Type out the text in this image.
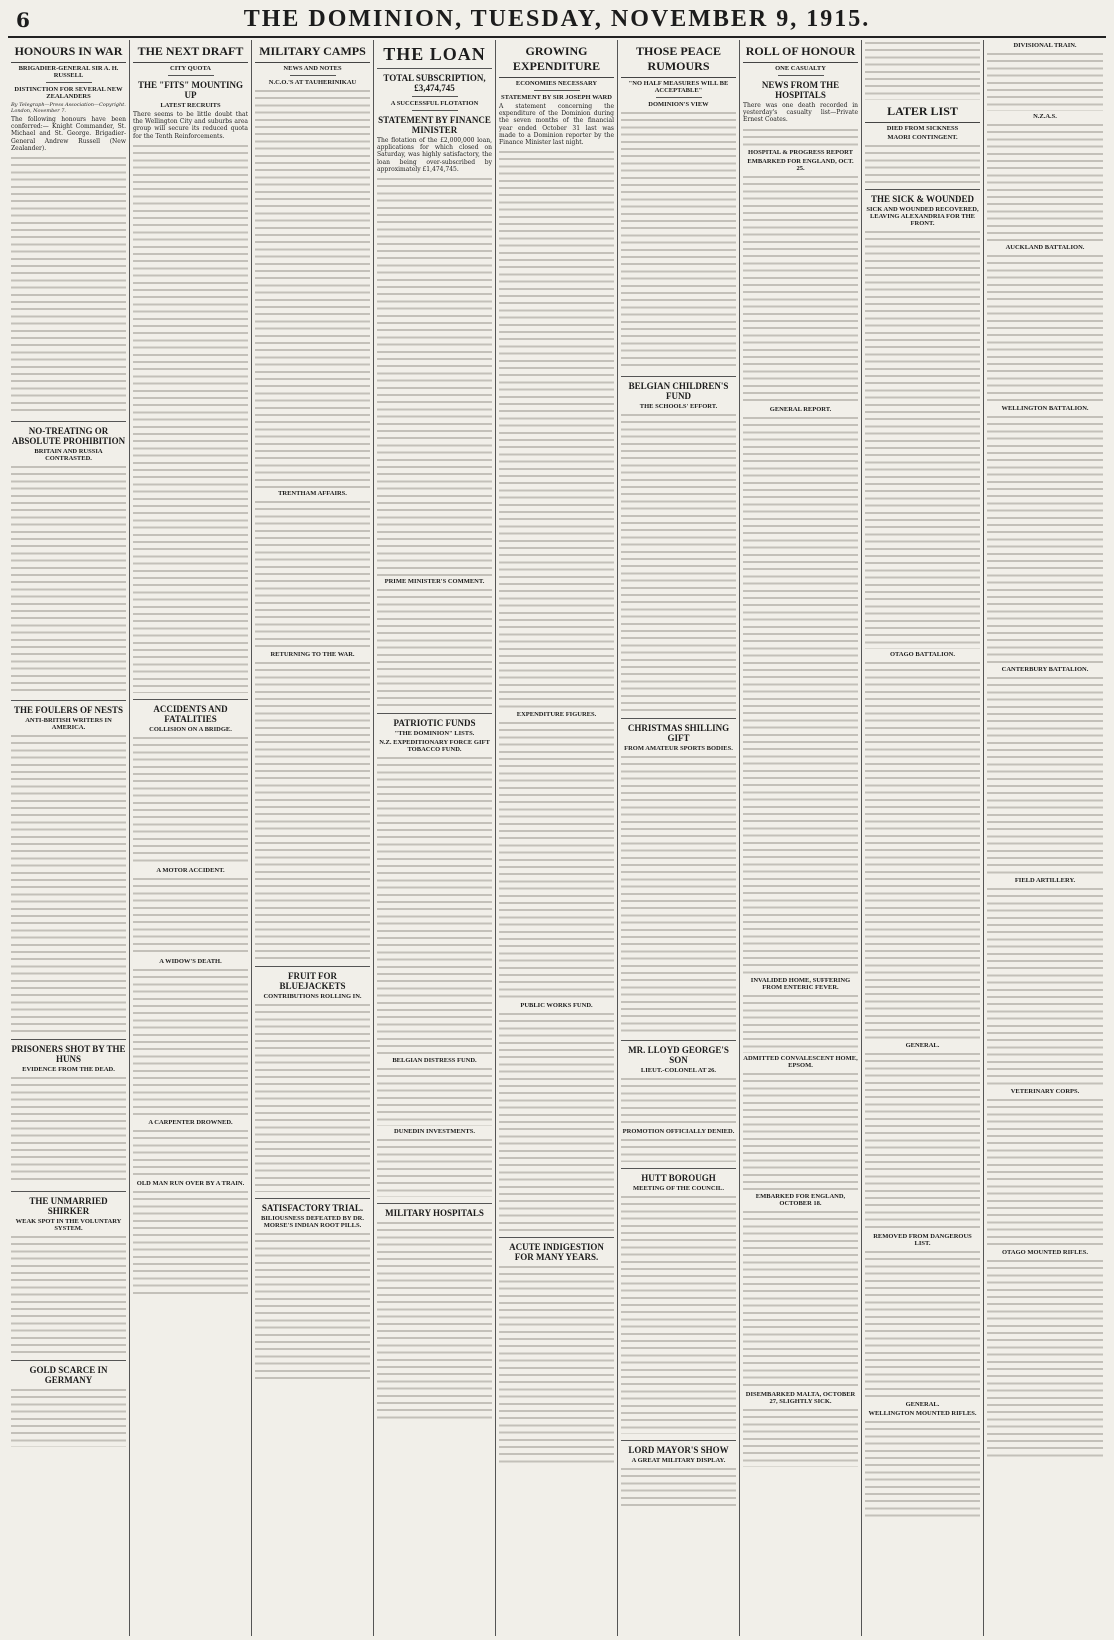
6	THE DOMINION, TUESDAY, NOVEMBER 9, 1915.
HONOURS IN WAR
BRIGADIER-GENERAL SIR A. H. RUSSELL
DISTINCTION FOR SEVERAL NEW ZEALANDERS
By Telegraph—Press Association—Copyright. London, November 7.

The following honours have been conferred:— Knight Commander, St. Michael and St. George. Brigadier-General Andrew Russell (New Zealander).

NO-TREATING OR ABSOLUTE PROHIBITION
BRITAIN AND RUSSIA CONTRASTED.
THE FOULERS OF NESTS
ANTI-BRITISH WRITERS IN AMERICA.
PRISONERS SHOT BY THE HUNS
EVIDENCE FROM THE DEAD.
THE UNMARRIED SHIRKER
WEAK SPOT IN THE VOLUNTARY SYSTEM.
GOLD SCARCE IN GERMANY
THE NEXT DRAFT
CITY QUOTA
THE "FITS" MOUNTING UP
LATEST RECRUITS

There seems to be little doubt that the Wellington City and suburbs area group will secure its reduced quota for the Tenth Reinforcements.

ACCIDENTS AND FATALITIES
COLLISION ON A BRIDGE.
A MOTOR ACCIDENT.
A WIDOW'S DEATH.
A CARPENTER DROWNED.
OLD MAN RUN OVER BY A TRAIN.
MILITARY CAMPS
NEWS AND NOTES
N.C.O.'S AT TAUHERINIKAU
TRENTHAM AFFAIRS.
RETURNING TO THE WAR.
FRUIT FOR BLUEJACKETS
CONTRIBUTIONS ROLLING IN.
SATISFACTORY TRIAL.
BILIOUSNESS DEFEATED BY DR. MORSE'S INDIAN ROOT PILLS.
THE LOAN
TOTAL SUBSCRIPTION, £3,474,745
A SUCCESSFUL FLOTATION
STATEMENT BY FINANCE MINISTER

The flotation of the £2,000,000 loan, applications for which closed on Saturday, was highly satisfactory, the loan being over-subscribed by approximately £1,474,745.

PRIME MINISTER'S COMMENT.
PATRIOTIC FUNDS
"THE DOMINION" LISTS.
N.Z. EXPEDITIONARY FORCE GIFT TOBACCO FUND.
BELGIAN DISTRESS FUND.
DUNEDIN INVESTMENTS.
MILITARY HOSPITALS
GROWING EXPENDITURE
ECONOMIES NECESSARY
STATEMENT BY SIR JOSEPH WARD

A statement concerning the expenditure of the Dominion during the seven months of the financial year ended October 31 last was made to a Dominion reporter by the Finance Minister last night.

EXPENDITURE FIGURES.
PUBLIC WORKS FUND.
ACUTE INDIGESTION FOR MANY YEARS.
THOSE PEACE RUMOURS
"NO HALF MEASURES WILL BE ACCEPTABLE"
DOMINION'S VIEW
BELGIAN CHILDREN'S FUND
THE SCHOOLS' EFFORT.
CHRISTMAS SHILLING GIFT
FROM AMATEUR SPORTS BODIES.
MR. LLOYD GEORGE'S SON
LIEUT.-COLONEL AT 26.
PROMOTION OFFICIALLY DENIED.
HUTT BOROUGH
MEETING OF THE COUNCIL.
LORD MAYOR'S SHOW
A GREAT MILITARY DISPLAY.
ROLL OF HONOUR
ONE CASUALTY
NEWS FROM THE HOSPITALS

There was one death recorded in yesterday's casualty list—Private Ernest Coates.

HOSPITAL & PROGRESS REPORT
EMBARKED FOR ENGLAND, OCT. 25.
GENERAL REPORT.
INVALIDED HOME, SUFFERING FROM ENTERIC FEVER.
ADMITTED CONVALESCENT HOME, EPSOM.
EMBARKED FOR ENGLAND, OCTOBER 18.
DISEMBARKED MALTA, OCTOBER 27, SLIGHTLY SICK.
LATER LIST
DIED FROM SICKNESS
MAORI CONTINGENT.
THE SICK & WOUNDED
SICK AND WOUNDED RECOVERED, LEAVING ALEXANDRIA FOR THE FRONT.
OTAGO BATTALION.
GENERAL.
REMOVED FROM DANGEROUS LIST.
GENERAL.
WELLINGTON MOUNTED RIFLES.
DIVISIONAL TRAIN.
N.Z.A.S.
AUCKLAND BATTALION.
WELLINGTON BATTALION.
CANTERBURY BATTALION.
FIELD ARTILLERY.
VETERINARY CORPS.
OTAGO MOUNTED RIFLES.
